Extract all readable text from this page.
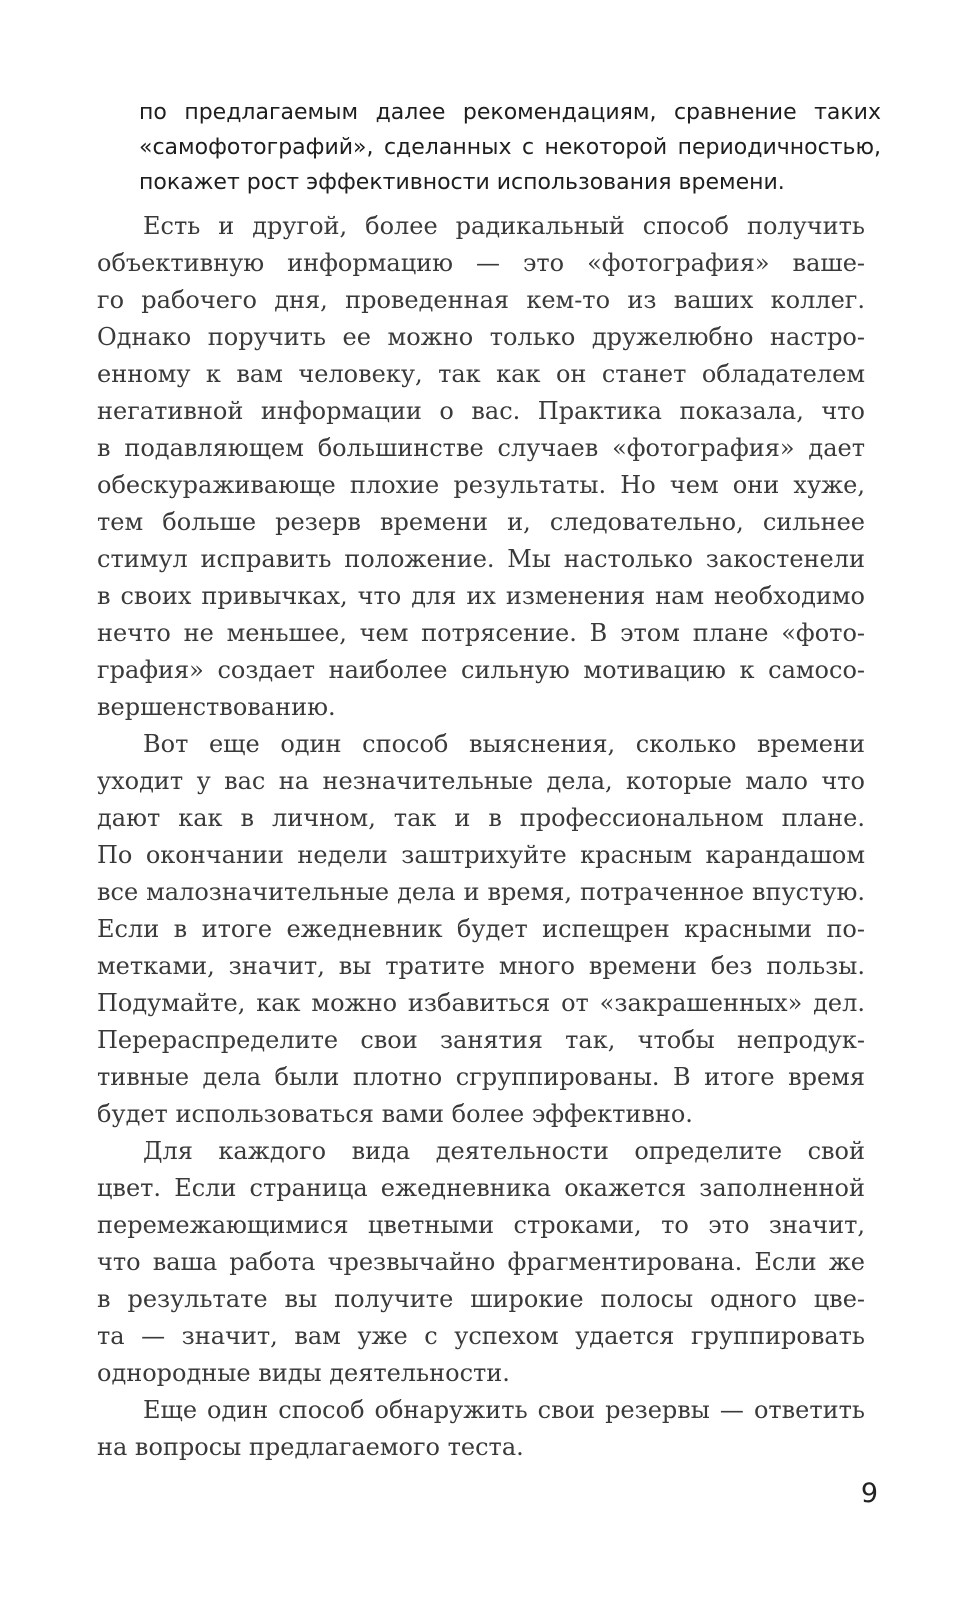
по предлагаемым далее рекомендациям, сравнение таких
«самофотографий», сделанных с некоторой периодичностью,
покажет рост эффективности использования времени.
Есть и другой, более радикальный способ получить
объективную информацию — это «фотография» ваше-
го рабочего дня, проведенная кем-то из ваших коллег.
Однако поручить ее можно только дружелюбно настро-
енному к вам человеку, так как он станет обладателем
негативной информации о вас. Практика показала, что
в подавляющем большинстве случаев «фотография» дает
обескураживающе плохие результаты. Но чем они хуже,
тем больше резерв времени и, следовательно, сильнее
стимул исправить положение. Мы настолько закостенели
в своих привычках, что для их изменения нам необходимо
нечто не меньшее, чем потрясение. В этом плане «фото-
графия» создает наиболее сильную мотивацию к самосо-
вершенствованию.
Вот еще один способ выяснения, сколько времени
уходит у вас на незначительные дела, которые мало что
дают как в личном, так и в профессиональном плане.
По окончании недели заштрихуйте красным карандашом
все малозначительные дела и время, потраченное впустую.
Если в итоге ежедневник будет испещрен красными по-
метками, значит, вы тратите много времени без пользы.
Подумайте, как можно избавиться от «закрашенных» дел.
Перераспределите свои занятия так, чтобы непродук-
тивные дела были плотно сгруппированы. В итоге время
будет использоваться вами более эффективно.
Для каждого вида деятельности определите свой
цвет. Если страница ежедневника окажется заполненной
перемежающимися цветными строками, то это значит,
что ваша работа чрезвычайно фрагментирована. Если же
в результате вы получите широкие полосы одного цве-
та — значит, вам уже с успехом удается группировать
однородные виды деятельности.
Еще один способ обнаружить свои резервы — ответить
на вопросы предлагаемого теста.
9
